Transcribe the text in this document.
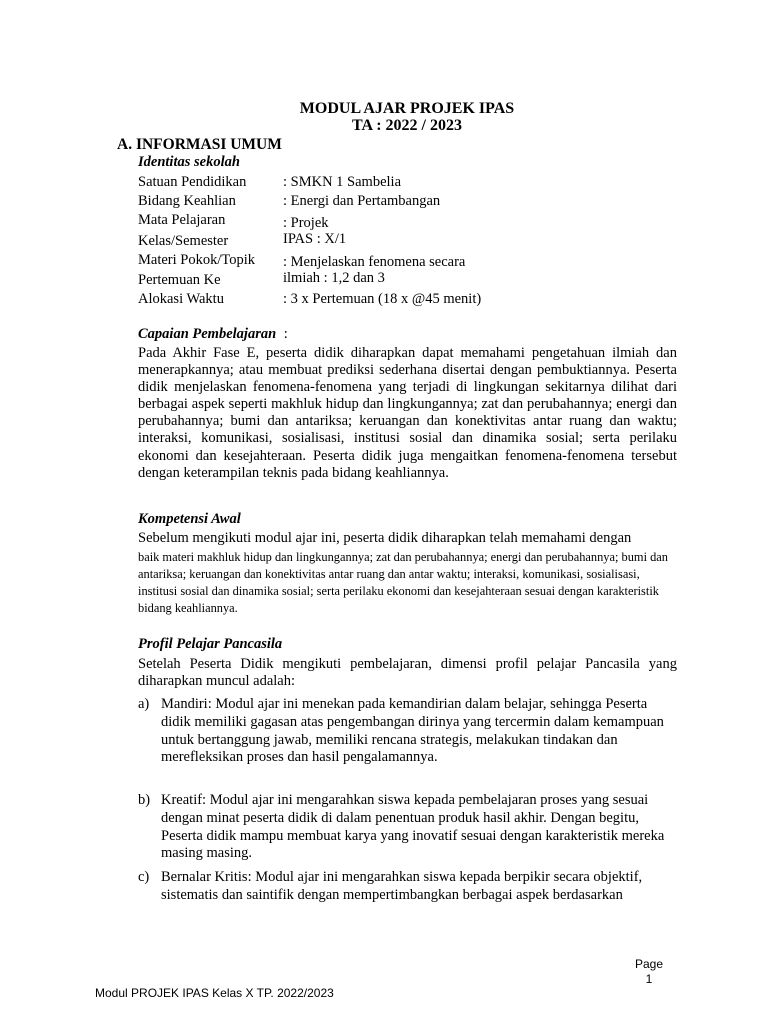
MODUL AJAR PROJEK IPAS
TA : 2022 / 2023
A. INFORMASI UMUM
Identitas sekolah
Satuan Pendidikan	: SMKN 1 Sambelia
Bidang Keahlian	: Energi dan Pertambangan
Mata Pelajaran	: Projek
Kelas/Semester	IPAS : X/1
Materi Pokok/Topik : Menjelaskan fenomena secara
Pertemuan Ke	ilmiah : 1,2 dan 3
Alokasi Waktu	: 3 x Pertemuan (18 x @45 menit)
Capaian Pembelajaran :
Pada Akhir Fase E, peserta didik diharapkan dapat memahami pengetahuan ilmiah dan menerapkannya; atau membuat prediksi sederhana disertai dengan pembuktiannya. Peserta didik menjelaskan fenomena-fenomena yang terjadi di lingkungan sekitarnya dilihat dari berbagai aspek seperti makhluk hidup dan lingkungannya; zat dan perubahannya; energi dan perubahannya; bumi dan antariksa; keruangan dan konektivitas antar ruang dan waktu; interaksi, komunikasi, sosialisasi, institusi sosial dan dinamika sosial; serta perilaku ekonomi dan kesejahteraan. Peserta didik juga mengaitkan fenomena-fenomena tersebut dengan keterampilan teknis pada bidang keahliannya.
Kompetensi Awal
Sebelum mengikuti modul ajar ini, peserta didik diharapkan telah memahami dengan
baik materi makhluk hidup dan lingkungannya; zat dan perubahannya; energi dan perubahannya; bumi dan antariksa; keruangan dan konektivitas antar ruang dan antar waktu; interaksi, komunikasi, sosialisasi, institusi sosial dan dinamika sosial; serta perilaku ekonomi dan kesejahteraan sesuai dengan karakteristik bidang keahliannya.
Profil Pelajar Pancasila
Setelah Peserta Didik mengikuti pembelajaran, dimensi profil pelajar Pancasila yang diharapkan muncul adalah:
a) Mandiri: Modul ajar ini menekan pada kemandirian dalam belajar, sehingga Peserta didik memiliki gagasan atas pengembangan dirinya yang tercermin dalam kemampuan untuk bertanggung jawab, memiliki rencana strategis, melakukan tindakan dan merefleksikan proses dan hasil pengalamannya.
b) Kreatif: Modul ajar ini mengarahkan siswa kepada pembelajaran proses yang sesuai dengan minat peserta didik di dalam penentuan produk hasil akhir. Dengan begitu, Peserta didik mampu membuat karya yang inovatif sesuai dengan karakteristik mereka masing masing.
c) Bernalar Kritis: Modul ajar ini mengarahkan siswa kepada berpikir secara objektif, sistematis dan saintifik dengan mempertimbangkan berbagai aspek berdasarkan
Page
1
Modul PROJEK IPAS Kelas X TP. 2022/2023
